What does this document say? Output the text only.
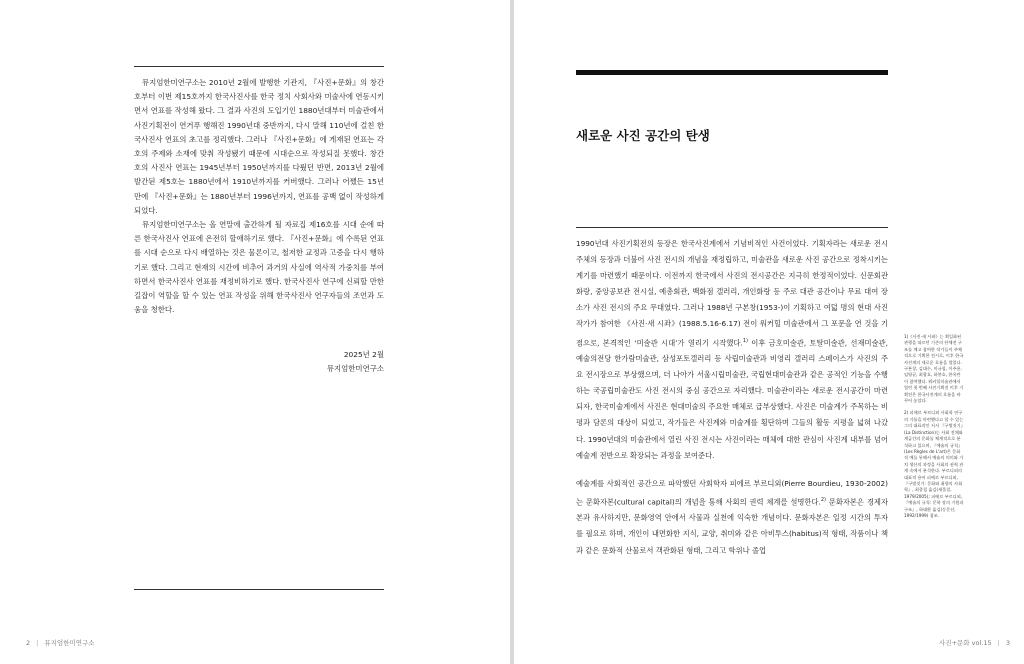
뮤지엄한미연구소는 2010년 2월에 발행한 기관지, 『사진+문화』의 창간호부터 이번 제15호까지 한국사진사를 한국 정치 사회사와 미술사에 연동시키면서 연표를 작성해 왔다. 그 결과 사진의 도입기인 1880년대부터 미술관에서 사진기획전이 연거푸 행해진 1990년대 중반까지, 다시 말해 110년에 걸친 한국사진사 연표의 초고를 정리했다. 그러나 『사진+문화』에 게재된 연표는 각 호의 주제와 소재에 맞춰 작성됐기 때문에 시대순으로 작성되질 못했다. 창간호의 사진사 연표는 1945년부터 1950년까지를 다뤘던 반면, 2013년 2월에 발간된 제5호는 1880년에서 1910년까지를 커버했다. 그러나 어쨌든 15년 만에 『사진+문화』는 1880년부터 1996년까지, 연표를 공백 없이 작성하게 되었다.

뮤지엄한미연구소는 올 연말에 출간하게 될 자료집 제16호를 시대 순에 따른 한국사진사 연표에 온전히 할애하기로 했다. 『사진+문화』에 수록된 연표를 시대 순으로 다시 배열하는 것은 물론이고, 철저한 교정과 고증을 다시 행하기로 했다. 그리고 현재의 시간에 비추어 과거의 사실에 역사적 가중치를 부여하면서 한국사진사 연표를 재정비하기로 했다. 한국사진사 연구에 신뢰할 만한 길잡이 역할을 할 수 있는 연표 작성을 위해 한국사진사 연구자들의 조언과 도움을 청한다.

2025년 2월
뮤지엄한미연구소
2 | 뮤지엄한미연구소
새로운 사진 공간의 탄생

1990년대 사진기획전의 등장은 한국사진계에서 기념비적인 사건이었다. 기획자라는 새로운 전시 주체의 등장과 더불어 사진 전시의 개념을 재정립하고, 미술관을 새로운 사진 공간으로 정착시키는 계기를 마련했기 때문이다. 이전까지 한국에서 사진의 전시공간은 지극히 한정적이었다. 신문회관 화랑, 중앙공보관 전시실, 예총회관, 백화점 갤러리, 개인화랑 등 주로 대관 공간이나 무료 대여 장소가 사진 전시의 주요 무대였다. 그러나 1988년 구본창(1953-)이 기획하고 여덟 명의 현대 사진작가가 참여한 《사진·새 시좌》(1988.5.16-6.17) 전이 워커힐 미술관에서 그 포문을 연 것을 기점으로, 본격적인 ‘미술관 시대’가 열리기 시작했다.$^{1)}$ 이후 금호미술관, 토탈미술관, 선재미술관, 예술의전당 한가람미술관, 삼성포토갤러리 등 사립미술관과 비영리 갤러리 스페이스가 사진의 주요 전시장으로 부상했으며, 더 나아가 서울시립미술관, 국립현대미술관과 같은 공적인 기능을 수행하는 국공립미술관도 사진 전시의 중심 공간으로 자리했다. 미술관이라는 새로운 전시공간이 마련되자, 한국미술계에서 사진은 현대미술의 주요한 매체로 급부상했다. 사진은 미술계가 주목하는 비평과 담론의 대상이 되었고, 작가들은 사진계와 미술계를 횡단하며 그들의 활동 지평을 넓혀 나갔다. 1990년대의 미술관에서 열린 사진 전시는 사진이라는 매체에 대한 관심이 사진계 내부를 넘어 예술계 전반으로 확장되는 과정을 보여준다.

예술계를 사회적인 공간으로 파악했던 사회학자 피에르 부르디외(Pierre Bourdieu, 1930-2002)는 문화자본(cultural capital)의 개념을 통해 사회의 권력 체계를 설명한다.$^{2)}$ 문화자본은 경제자본과 유사하지만, 문화영역 안에서 사물과 실천에 익숙한 개념이다. 문화자본은 일정 시간의 투자를 필요로 하며, 개인이 내면화한 지식, 교양, 취미와 같은 아비투스(habitus)적 형태, 작품이나 책과 같은 문화적 산물로서 객관화된 형태, 그리고 학위나 졸업

1)《사진·새 시좌》는 획일화된 관행을 따르던 기존의 단체전 구조를 깨고 참여한 작가들이 주체적으로 기획한 전시로, 이후 한국 사진계의 새로운 흐름을 열었다. 구본창, 김대수, 이규철, 이주용, 임영균, 최광호, 하봉호, 한옥란이 참여했다. 워커힐미술관에서 열린 첫 번째 사진기획전 이후 기획전은 한국사진계의 흐름을 바꾸어 놓았다.

2) 피에르 부르디외 사회학 연구의 기틀을 마련했다고 할 수 있는 그의 대표작인 저서 『구별짓기』(La Distinction)는 사회 전체와 계급간의 문화를 체계적으로 분석하고 있으며, 『예술의 규칙』(Les Règles de L'art)은 문화적 예를 통해서 예술의 의미와 가치 생산의 과정을 사회의 권력 관계 속에서 분석한다. 부르디외의 대표적 용어 피에르 부르디외, 『구별짓기: 문화와 취향의 사회학』, 최종철 옮김(새물결, 1979/2005); 피에르 부르디외, 『예술의 규칙: 문학 장의 기원과 구조』, 하태환 옮김(동문선, 1992/1999) 참조.

사진+문화 vol.15 | 3
